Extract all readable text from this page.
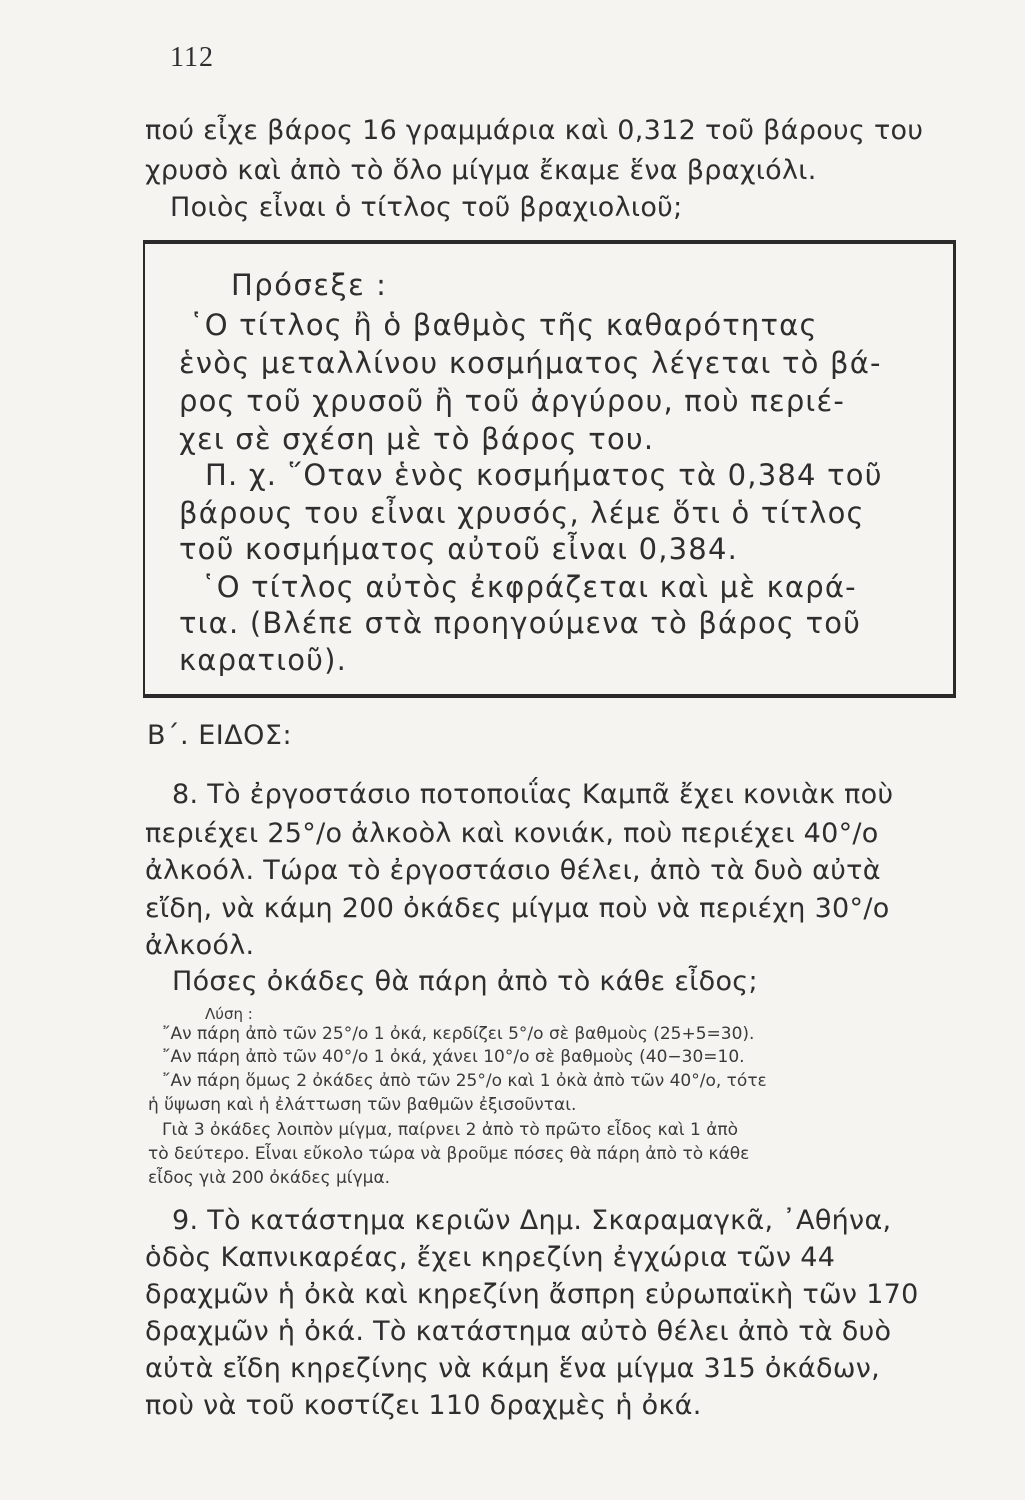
112
πού εἶχε βάρος 16 γραμμάρια καὶ 0,312 τοῦ βάρους του
χρυσὸ καὶ ἀπὸ τὸ ὅλο μίγμα ἔκαμε ἕνα βραχιόλι.
Ποιὸς εἶναι ὁ τίτλος τοῦ βραχιολιοῦ;
Πρόσεξε :
῾Ο τίτλος ἢ ὁ βαθμὸς τῆς καθαρότητας
ἑνὸς μεταλλίνου κοσμήματος λέγεται τὸ βά-
ρος τοῦ χρυσοῦ ἢ τοῦ ἀργύρου, ποὺ περιέ-
χει σὲ σχέση μὲ τὸ βάρος του.
Π. χ. ῞Οταν ἑνὸς κοσμήματος τὰ 0,384 τοῦ
βάρους του εἶναι χρυσός, λέμε ὅτι ὁ τίτλος
τοῦ κοσμήματος αὐτοῦ εἶναι 0,384.
῾Ο τίτλος αὐτὸς ἐκφράζεται καὶ μὲ καρά-
τια. (Βλέπε στὰ προηγούμενα τὸ βάρος τοῦ
καρατιοῦ).
Β΄. ΕΙΔΟΣ:
8. Τὸ ἐργοστάσιο ποτοποιΐας Καμπᾶ ἔχει κονιὰκ ποὺ
περιέχει 25°/ο ἀλκοὸλ καὶ κονιάκ, ποὺ περιέχει 40°/ο
ἀλκοόλ. Τώρα τὸ ἐργοστάσιο θέλει, ἀπὸ τὰ δυὸ αὐτὰ
εἴδη, νὰ κάμη 200 ὀκάδες μίγμα ποὺ νὰ περιέχη 30°/ο
ἀλκοόλ.
Πόσες ὀκάδες θὰ πάρη ἀπὸ τὸ κάθε εἶδος;
Λύση :
῎Αν πάρη ἀπὸ τῶν 25°/ο 1 ὀκά, κερδίζει 5°/ο σὲ βαθμοὺς (25+5=30).
῎Αν πάρη ἀπὸ τῶν 40°/ο 1 ὀκά, χάνει 10°/ο σὲ βαθμοὺς (40−30=10.
῎Αν πάρη ὅμως 2 ὀκάδες ἀπὸ τῶν 25°/ο καὶ 1 ὀκὰ ἀπὸ τῶν 40°/ο, τότε
ἡ ὕψωση καὶ ἡ ἐλάττωση τῶν βαθμῶν ἐξισοῦνται.
Γιὰ 3 ὀκάδες λοιπὸν μίγμα, παίρνει 2 ἀπὸ τὸ πρῶτο εἶδος καὶ 1 ἀπὸ
τὸ δεύτερο. Εἶναι εὔκολο τώρα νὰ βροῦμε πόσες θὰ πάρη ἀπὸ τὸ κάθε
εἶδος γιὰ 200 ὀκάδες μίγμα.
9. Τὸ κατάστημα κεριῶν Δημ. Σκαραμαγκᾶ, ᾿Αθήνα,
ὁδὸς Καπνικαρέας, ἔχει κηρεζίνη ἐγχώρια τῶν 44
δραχμῶν ἡ ὀκὰ καὶ κηρεζίνη ἄσπρη εὐρωπαϊκὴ τῶν 170
δραχμῶν ἡ ὀκά. Τὸ κατάστημα αὐτὸ θέλει ἀπὸ τὰ δυὸ
αὐτὰ εἴδη κηρεζίνης νὰ κάμη ἕνα μίγμα 315 ὀκάδων,
ποὺ νὰ τοῦ κοστίζει 110 δραχμὲς ἡ ὀκά.
